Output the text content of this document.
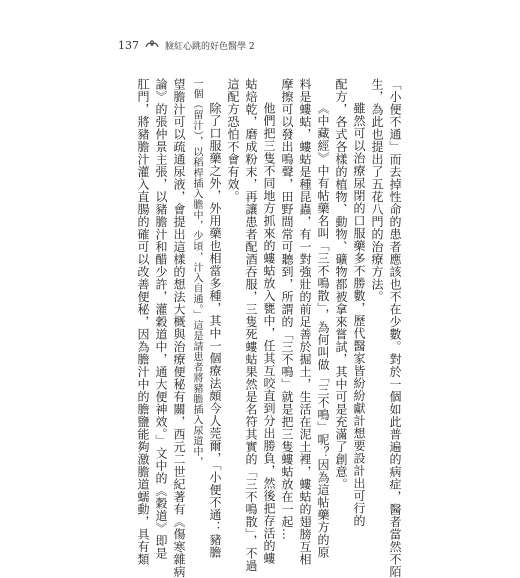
137	臉紅心跳的好色醫學 2
「小便不通」而去掉性命的患者應該也不在少數。對於一個如此普遍的病症，醫者當然不陌
生，為此也提出了五花八門的治療方法。
雖然可以治療尿閉的口服藥多不勝數，歷代醫家皆紛紛獻計想要設計出可行的
配方，各式各樣的植物、動物、礦物都被拿來嘗試，其中可是充滿了創意。
《中藏經》中有帖藥名叫「三不鳴散」，為何叫做「三不鳴」呢？因為這帖藥方的原
料是螻蛄，螻蛄是種昆蟲，有一對強壯的前足善於掘土，生活在泥土裡，螻蛄的翅膀互相
摩擦可以發出鳴聲，田野間常可聽到，所謂的「三不鳴」就是把三隻螻蛄放在一起…
他們把三隻不同地方抓來的螻蛄放入甕中，任其互咬直到分出勝負，然後把存活的螻
蛄焙乾，磨成粉末，再讓患者配酒吞服，三隻死螻蛄果然是名符其實的「三不鳴散」，不過
這配方恐怕不會有效。
除了口服藥之外，外用藥也相當多種，其中一個療法頗今人莞爾，「小便不通：豬膽
一個（留汁），以稻桿插入膽中，少頃，汁入自通。」這是請患者將豬膽插入尿道中，
望膽汁可以疏通尿液，會提出這樣的想法大概與治療便秘有關，西元二世紀著有《傷寒雜病
論》的張仲景主張，以豬膽汁和醋少許，灌穀道中，通大便神效。」文中的《穀道》即是
肛門，將豬膽汁灌入直腸的確可以改善便秘，因為膽汁中的膽鹽能夠激膽道蠕動，具有類
